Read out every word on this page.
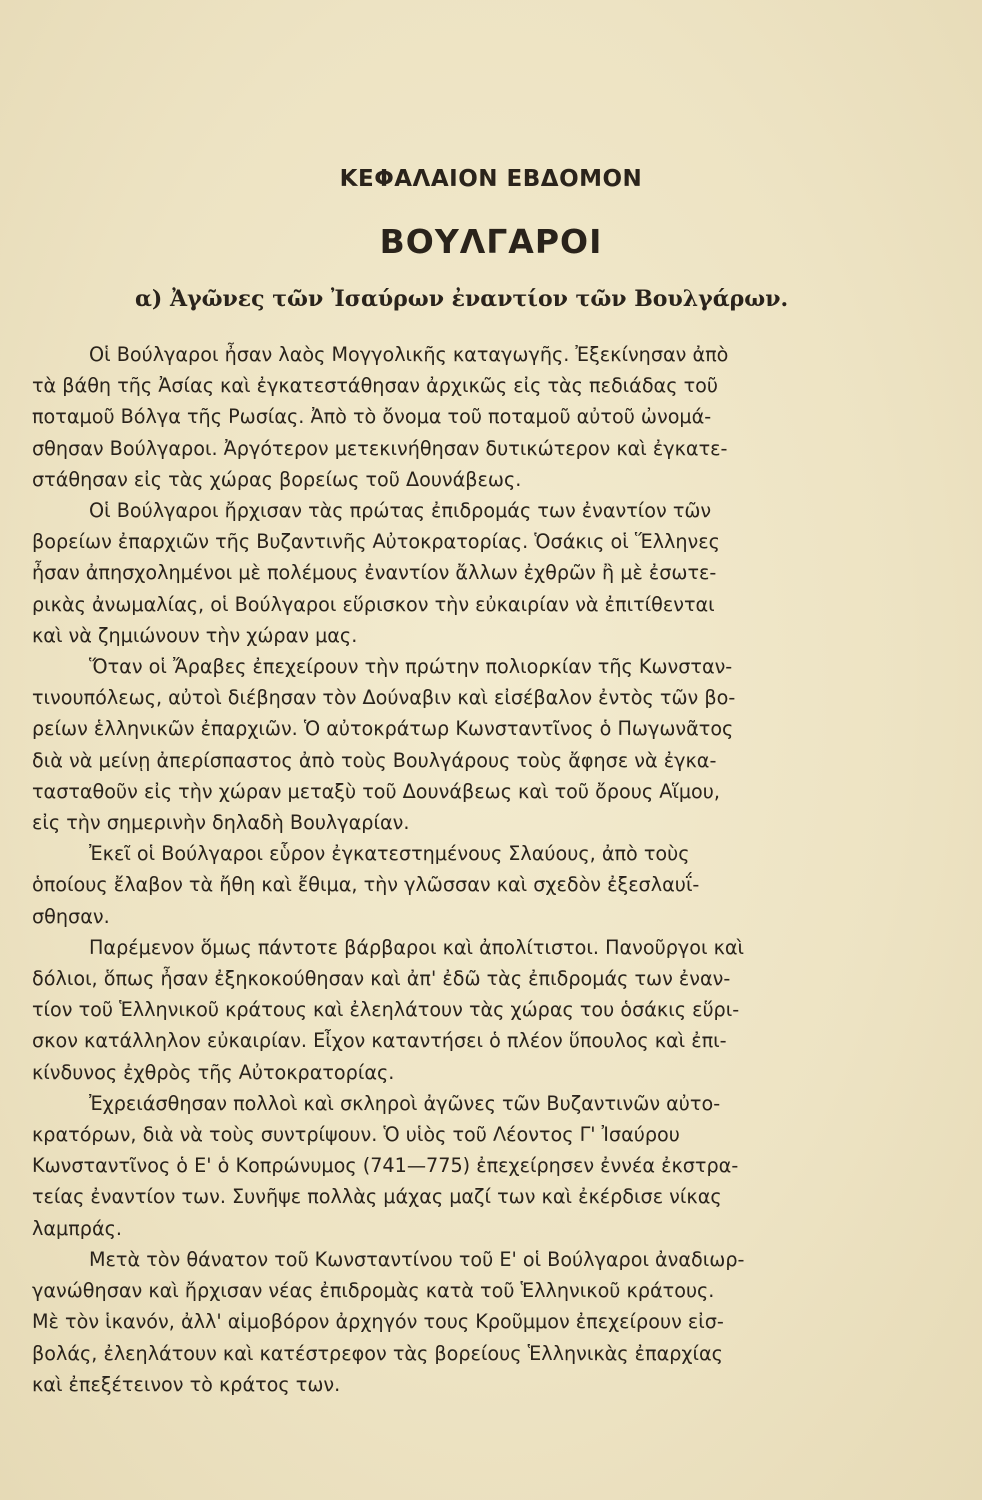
ΚΕΦΑΛΑΙΟΝ ΕΒΔΟΜΟΝ
ΒΟΥΛΓΑΡΟΙ
α) Ἀγῶνες τῶν Ἰσαύρων ἐναντίον τῶν Βουλγάρων.

Οἱ Βούλγαροι ἦσαν λαὸς Μογγολικῆς καταγωγῆς. Ἐξεκίνησαν ἀπὸ
τὰ βάθη τῆς Ἀσίας καὶ ἐγκατεστάθησαν ἀρχικῶς εἰς τὰς πεδιάδας τοῦ
ποταμοῦ Βόλγα τῆς Ρωσίας. Ἀπὸ τὸ ὄνομα τοῦ ποταμοῦ αὐτοῦ ὠνομά-
σθησαν Βούλγαροι. Ἀργότερον μετεκινήθησαν δυτικώτερον καὶ ἐγκατε-
στάθησαν εἰς τὰς χώρας βορείως τοῦ Δουνάβεως.

Οἱ Βούλγαροι ἤρχισαν τὰς πρώτας ἐπιδρομάς των ἐναντίον τῶν
βορείων ἐπαρχιῶν τῆς Βυζαντινῆς Αὐτοκρατορίας. Ὁσάκις οἱ Ἕλληνες
ἦσαν ἀπησχολημένοι μὲ πολέμους ἐναντίον ἄλλων ἐχθρῶν ἢ μὲ ἐσωτε-
ρικὰς ἀνωμαλίας, οἱ Βούλγαροι εὕρισκον τὴν εὐκαιρίαν νὰ ἐπιτίθενται
καὶ νὰ ζημιώνουν τὴν χώραν μας.

Ὅταν οἱ Ἄραβες ἐπεχείρουν τὴν πρώτην πολιορκίαν τῆς Κωνσταν-
τινουπόλεως, αὐτοὶ διέβησαν τὸν Δούναβιν καὶ εἰσέβαλον ἐντὸς τῶν βο-
ρείων ἑλληνικῶν ἐπαρχιῶν. Ὁ αὐτοκράτωρ Κωνσταντῖνος ὁ Πωγωνᾶτος
διὰ νὰ μείνῃ ἀπερίσπαστος ἀπὸ τοὺς Βουλγάρους τοὺς ἄφησε νὰ ἐγκα-
τασταθοῦν εἰς τὴν χώραν μεταξὺ τοῦ Δουνάβεως καὶ τοῦ ὄρους Αἵμου,
εἰς τὴν σημερινὴν δηλαδὴ Βουλγαρίαν.

Ἐκεῖ οἱ Βούλγαροι εὗρον ἐγκατεστημένους Σλαύους, ἀπὸ τοὺς
ὁποίους ἔλαβον τὰ ἤθη καὶ ἔθιμα, τὴν γλῶσσαν καὶ σχεδὸν ἐξεσλαυΐ-
σθησαν.

Παρέμενον ὅμως πάντοτε βάρβαροι καὶ ἀπολίτιστοι. Πανοῦργοι καὶ
δόλιοι, ὅπως ἦσαν ἐξηκοκούθησαν καὶ ἀπ' ἐδῶ τὰς ἐπιδρομάς των ἐναν-
τίον τοῦ Ἑλληνικοῦ κράτους καὶ ἐλεηλάτουν τὰς χώρας του ὁσάκις εὕρι-
σκον κατάλληλον εὐκαιρίαν. Εἶχον καταντήσει ὁ πλέον ὕπουλος καὶ ἐπι-
κίνδυνος ἐχθρὸς τῆς Αὐτοκρατορίας.

Ἐχρειάσθησαν πολλοὶ καὶ σκληροὶ ἀγῶνες τῶν Βυζαντινῶν αὐτο-
κρατόρων, διὰ νὰ τοὺς συντρίψουν. Ὁ υἱὸς τοῦ Λέοντος Γ' Ἰσαύρου
Κωνσταντῖνος ὁ Ε' ὁ Κοπρώνυμος (741—775) ἐπεχείρησεν ἐννέα ἐκστρα-
τείας ἐναντίον των. Συνῆψε πολλὰς μάχας μαζί των καὶ ἐκέρδισε νίκας
λαμπράς.

Μετὰ τὸν θάνατον τοῦ Κωνσταντίνου τοῦ Ε' οἱ Βούλγαροι ἀναδιωρ-
γανώθησαν καὶ ἤρχισαν νέας ἐπιδρομὰς κατὰ τοῦ Ἑλληνικοῦ κράτους.
Μὲ τὸν ἱκανόν, ἀλλ' αἱμοβόρον ἀρχηγόν τους Κροῦμμον ἐπεχείρουν εἰσ-
βολάς, ἐλεηλάτουν καὶ κατέστρεφον τὰς βορείους Ἑλληνικὰς ἐπαρχίας
καὶ ἐπεξέτεινον τὸ κράτος των.
